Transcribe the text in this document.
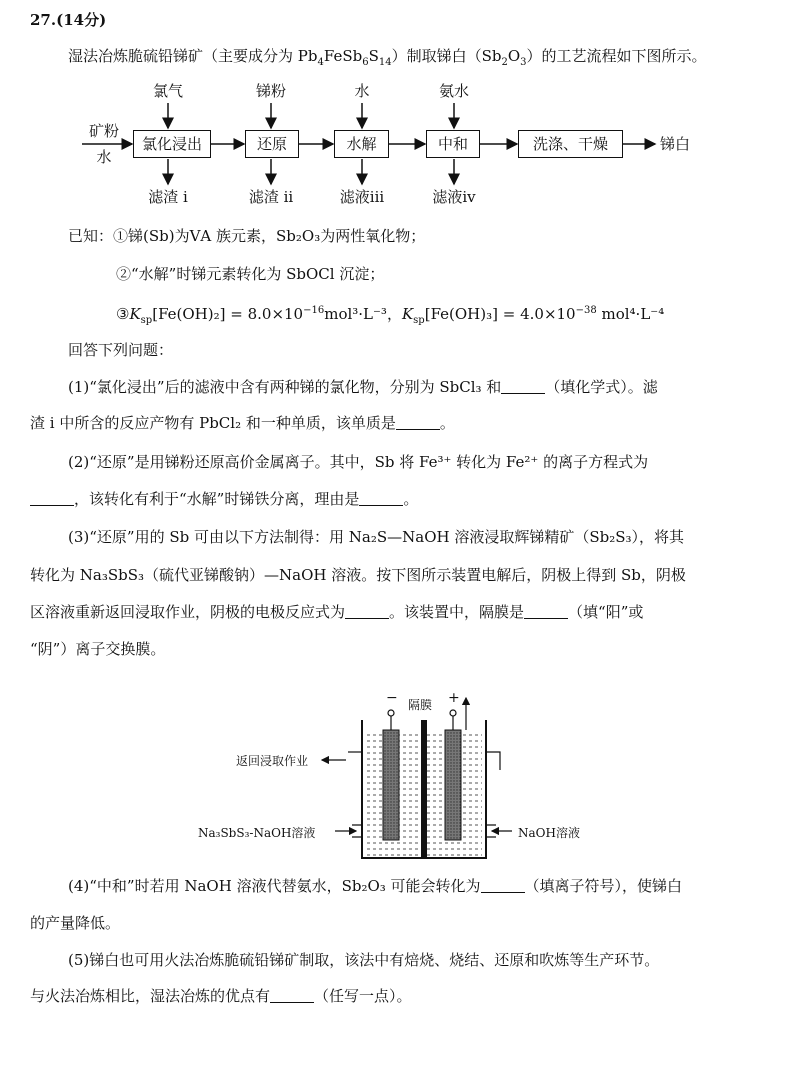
27.(14分)
湿法冶炼脆硫铅锑矿（主要成分为 $Pb_4FeSb_6S_{14}$）制取锑白$(Sb_2O_3)$的工艺流程如下图所示。
氯气	锑粉	水	氨水
矿粉
水
氯化浸出	还原	水解	中和	洗涤、干燥	锑白
滤渣 i	滤渣 ii	滤液iii	滤液iv
已知：①锑(Sb)为ⅤA 族元素，Sb₂O₃为两性氧化物；
②“水解”时锑元素转化为 SbOCl 沉淀；
$③K_{sp}[Fe(OH)_2] = 8.0\times 10^{-16}mol^3\cdot L^{-3}$，$K_{sp}[Fe(OH)_3] = 4.0\times 10^{-38}$ mol⁴·L⁻⁴
回答下列问题：
(1)“氯化浸出”后的滤液中含有两种锑的氯化物，分别为 SbCl₃ 和	（填化学式）。滤
渣 i 中所含的反应产物有 PbCl₂ 和一种单质，该单质是	。
(2)“还原”是用锑粉还原高价金属离子。其中，Sb 将 Fe³⁺ 转化为 Fe²⁺ 的离子方程式为
，该转化有利于“水解”时锑铁分离，理由是	。
(3)“还原”用的 Sb 可由以下方法制得：用 Na₂S—NaOH 溶液浸取辉锑精矿（Sb₂S₃），将其
转化为 Na₃SbS₃（硫代亚锑酸钠）—NaOH 溶液。按下图所示装置电解后，阴极上得到 Sb，阴极
区溶液重新返回浸取作业，阴极的电极反应式为	。该装置中，隔膜是	（填“阳”或
“阴”）离子交换膜。
− 隔膜 +
返回浸取作业
Na₃SbS₃-NaOH溶液	NaOH溶液
(4)“中和”时若用 NaOH 溶液代替氨水，Sb₂O₃ 可能会转化为	（填离子符号），使锑白
的产量降低。
(5)锑白也可用火法冶炼脆硫铅锑矿制取，该法中有焙烧、烧结、还原和吹炼等生产环节。
与火法冶炼相比，湿法冶炼的优点有	（任写一点）。
